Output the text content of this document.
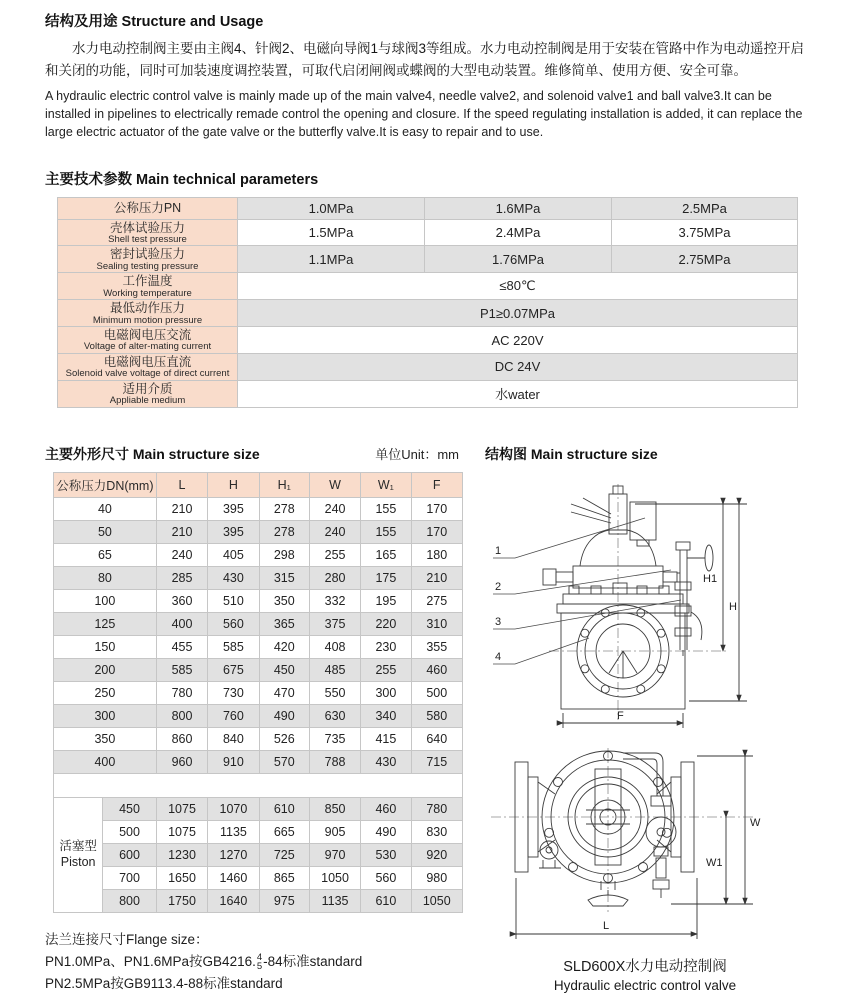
结构及用途 Structure and Usage

水力电动控制阀主要由主阀4、针阀2、电磁向导阀1与球阀3等组成。水力电动控制阀是用于安装在管路中作为电动遥控开启和关闭的功能，同时可加装速度调控装置，可取代启闭闸阀或蝶阀的大型电动装置。维修简单、使用方便、安全可靠。

A hydraulic electric control valve is mainly made up of the main valve4, needle valve2, and solenoid valve1 and ball valve3.It can be installed in pipelines to electrically remade control the opening and closure. If the speed regulating installation is added, it can replace the large electric actuator of the gate valve or the butterfly valve.It is easy to repair and to use.

主要技术参数 Main technical parameters
公称压力PN	1.0MPa	1.6MPa	2.5MPa

壳体试验压力
Shell test pressure	1.5MPa	2.4MPa	3.75MPa

密封试验压力
Sealing testing pressure	1.1MPa	1.76MPa	2.75MPa

工作温度
Working temperature	≤80℃		

最低动作压力
Minimum motion pressure	P1≥0.07MPa		

电磁阀电压交流
Voltage of alter-mating current	AC 220V		

电磁阀电压直流
Solenoid valve voltage of direct current	DC 24V		

适用介质
Appliable medium	水water		
主要外形尺寸 Main structure size	单位Unit：mm
公称压力DN(mm)		L	H	H₁	W	W₁	F
40		210	395	278	240	155	170
50		210	395	278	240	155	170
65		240	405	298	255	165	180
80		285	430	315	280	175	210
100		360	510	350	332	195	275
125		400	560	365	375	220	310
150		455	585	420	408	230	355
200		585	675	450	485	255	460
250		780	730	470	550	300	500
300		800	760	490	630	340	580
350		860	840	526	735	415	640
400		960	910	570	788	430	715

活塞型
Piston	450	1075	1070	610	850	460	780
	500	1075	1135	665	905	490	830
	600	1230	1270	725	970	530	920
	700	1650	1460	865	1050	560	980
	800	1750	1640	975	1135	610	1050
法兰连接尺寸Flange size：
PN1.0MPa、PN1.6MPa按GB4216. 4
5 -84标准standard
PN2.5MPa按GB9113.4-88标准standard
结构图 Main structure size
1
2
3
4
H1
H
F
W
W1
L
SLD600X水力电动控制阀
Hydraulic electric control valve
